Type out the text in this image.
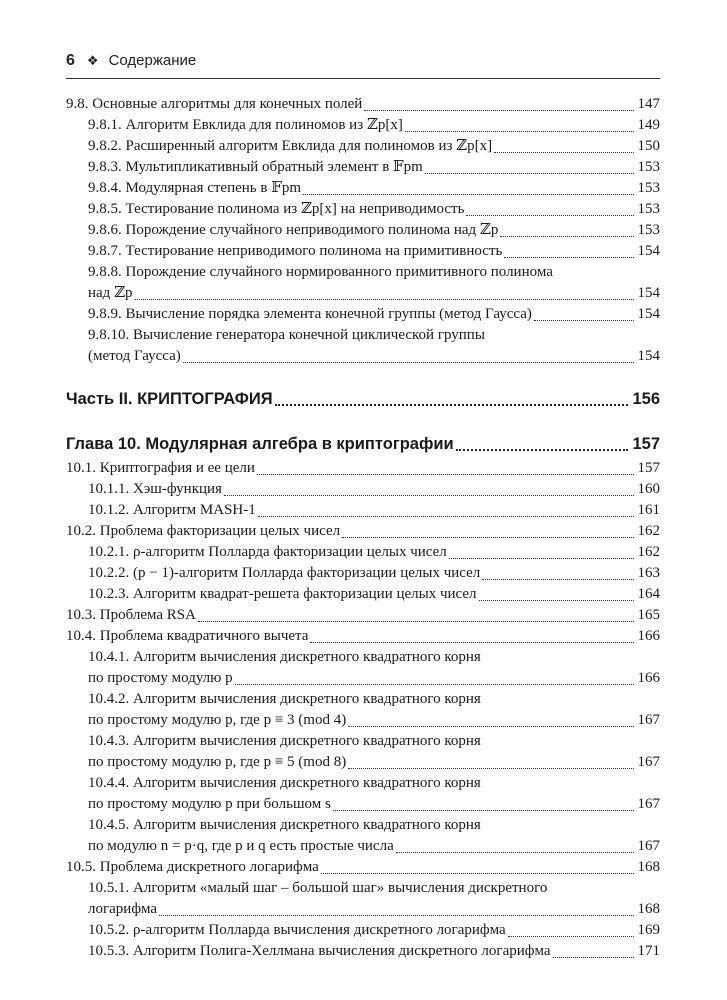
6 ❖ Содержание
9.8. Основные алгоритмы для конечных полей	147
9.8.1. Алгоритм Евклида для полиномов из ℤp[x]	149
9.8.2. Расширенный алгоритм Евклида для полиномов из ℤp[x]	150
9.8.3. Мультипликативный обратный элемент в 𝔽pm	153
9.8.4. Модулярная степень в 𝔽pm	153
9.8.5. Тестирование полинома из ℤp[x] на неприводимость	153
9.8.6. Порождение случайного неприводимого полинома над ℤp	153
9.8.7. Тестирование неприводимого полинома на примитивность	154
9.8.8. Порождение случайного нормированного примитивного полинома
над ℤp	154
9.8.9. Вычисление порядка элемента конечной группы (метод Гаусса)	154
9.8.10. Вычисление генератора конечной циклической группы
(метод Гаусса)	154
Часть II. КРИПТОГРАФИЯ	156
Глава 10. Модулярная алгебра в криптографии	157
10.1. Криптография и ее цели	157
10.1.1. Хэш-функция	160
10.1.2. Алгоритм MASH-1	161
10.2. Проблема факторизации целых чисел	162
10.2.1. ρ-алгоритм Полларда факторизации целых чисел	162
10.2.2. (p − 1)-алгоритм Полларда факторизации целых чисел	163
10.2.3. Алгоритм квадрат-решета факторизации целых чисел	164
10.3. Проблема RSA	165
10.4. Проблема квадратичного вычета	166
10.4.1. Алгоритм вычисления дискретного квадратного корня
по простому модулю p	166
10.4.2. Алгоритм вычисления дискретного квадратного корня
по простому модулю p, где p ≡ 3 (mod 4)	167
10.4.3. Алгоритм вычисления дискретного квадратного корня
по простому модулю p, где p ≡ 5 (mod 8)	167
10.4.4. Алгоритм вычисления дискретного квадратного корня
по простому модулю p при большом s	167
10.4.5. Алгоритм вычисления дискретного квадратного корня
по модулю n = p·q, где p и q есть простые числа	167
10.5. Проблема дискретного логарифма	168
10.5.1. Алгоритм «малый шаг – большой шаг» вычисления дискретного
логарифма	168
10.5.2. ρ-алгоритм Полларда вычисления дискретного логарифма	169
10.5.3. Алгоритм Полига-Хеллмана вычисления дискретного логарифма	171
